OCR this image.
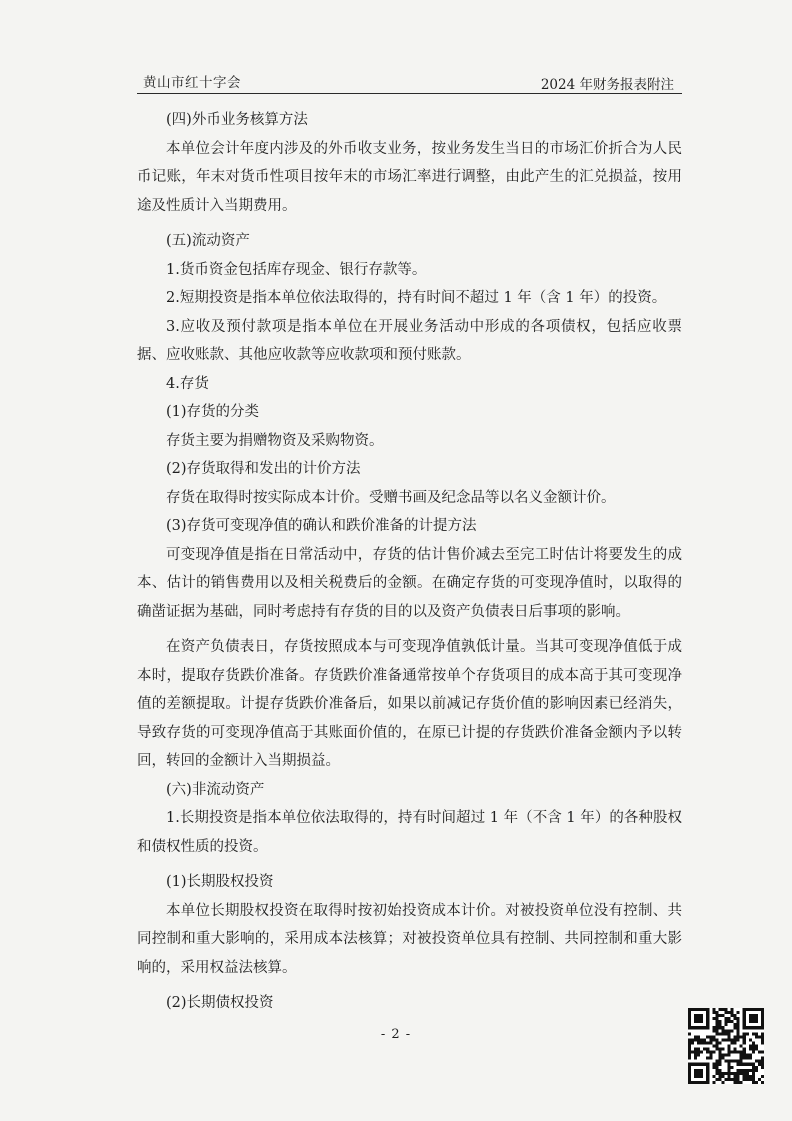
黄山市红十字会	2024 年财务报表附注

(四)外币业务核算方法

本单位会计年度内涉及的外币收支业务，按业务发生当日的市场汇价折合为人民币记账，年末对货币性项目按年末的市场汇率进行调整，由此产生的汇兑损益，按用途及性质计入当期费用。

(五)流动资产

1.货币资金包括库存现金、银行存款等。

2.短期投资是指本单位依法取得的，持有时间不超过 1 年（含 1 年）的投资。

3.应收及预付款项是指本单位在开展业务活动中形成的各项债权，包括应收票据、应收账款、其他应收款等应收款项和预付账款。

4.存货

(1)存货的分类

存货主要为捐赠物资及采购物资。

(2)存货取得和发出的计价方法

存货在取得时按实际成本计价。受赠书画及纪念品等以名义金额计价。

(3)存货可变现净值的确认和跌价准备的计提方法

可变现净值是指在日常活动中，存货的估计售价减去至完工时估计将要发生的成本、估计的销售费用以及相关税费后的金额。在确定存货的可变现净值时，以取得的确凿证据为基础，同时考虑持有存货的目的以及资产负债表日后事项的影响。

在资产负债表日，存货按照成本与可变现净值孰低计量。当其可变现净值低于成本时，提取存货跌价准备。存货跌价准备通常按单个存货项目的成本高于其可变现净值的差额提取。计提存货跌价准备后，如果以前减记存货价值的影响因素已经消失，导致存货的可变现净值高于其账面价值的，在原已计提的存货跌价准备金额内予以转回，转回的金额计入当期损益。

(六)非流动资产

1.长期投资是指本单位依法取得的，持有时间超过 1 年（不含 1 年）的各种股权和债权性质的投资。

(1)长期股权投资

本单位长期股权投资在取得时按初始投资成本计价。对被投资单位没有控制、共同控制和重大影响的，采用成本法核算；对被投资单位具有控制、共同控制和重大影响的，采用权益法核算。

(2)长期债权投资

- 2 -
